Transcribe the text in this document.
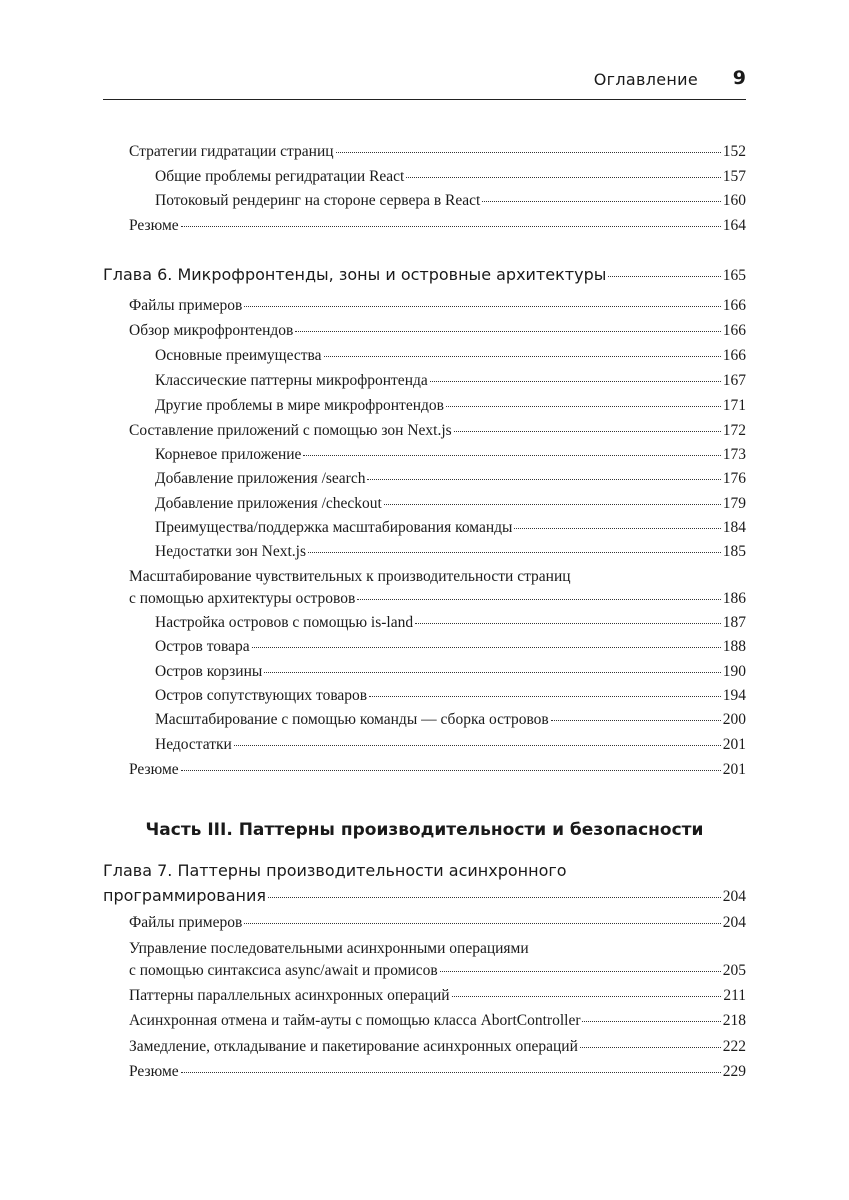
Оглавление 9
Стратегии гидратации страниц	152
Общие проблемы регидратации React	157
Потоковый рендеринг на стороне сервера в React	160
Резюме	164
Глава 6. Микрофронтенды, зоны и островные архитектуры	165
Файлы примеров	166
Обзор микрофронтендов	166
Основные преимущества	166
Классические паттерны микрофронтенда	167
Другие проблемы в мире микрофронтендов	171
Составление приложений с помощью зон Next.js	172
Корневое приложение	173
Добавление приложения /search	176
Добавление приложения /checkout	179
Преимущества/поддержка масштабирования команды	184
Недостатки зон Next.js	185
Масштабирование чувствительных к производительности страниц
с помощью архитектуры островов	186
Настройка островов с помощью is-land	187
Остров товара	188
Остров корзины	190
Остров сопутствующих товаров	194
Масштабирование с помощью команды — сборка островов	200
Недостатки	201
Резюме	201
Часть III. Паттерны производительности и безопасности
Глава 7. Паттерны производительности асинхронного
программирования	204
Файлы примеров	204
Управление последовательными асинхронными операциями
с помощью синтаксиса async/await и промисов	205
Паттерны параллельных асинхронных операций	211
Асинхронная отмена и тайм-ауты с помощью класса AbortController	218
Замедление, откладывание и пакетирование асинхронных операций	222
Резюме	229
